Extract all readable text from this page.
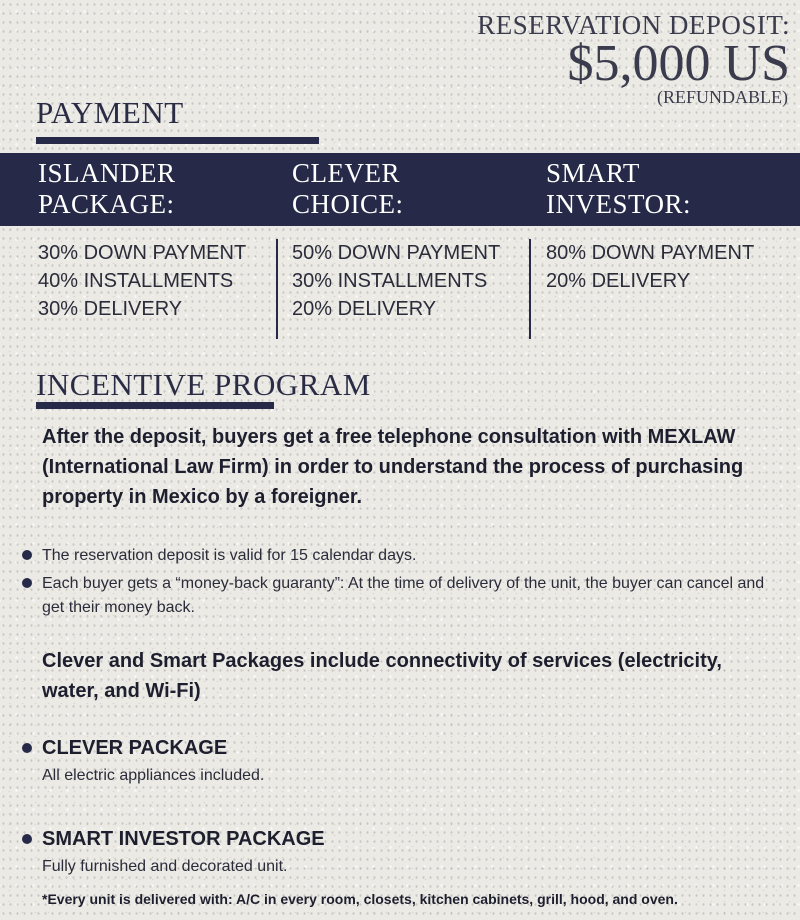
RESERVATION DEPOSIT:
$5,000 US
(REFUNDABLE)
PAYMENT
ISLANDER
PACKAGE:
CLEVER
CHOICE:
SMART
INVESTOR:
30% DOWN PAYMENT
40% INSTALLMENTS
30% DELIVERY
50% DOWN PAYMENT
30% INSTALLMENTS
20% DELIVERY
80% DOWN PAYMENT
20% DELIVERY
INCENTIVE PROGRAM
After the deposit, buyers get a free telephone consultation with MEXLAW (International Law Firm) in order to understand the process of purchasing property in Mexico by a foreigner.
The reservation deposit is valid for 15 calendar days.
Each buyer gets a “money-back guaranty”: At the time of delivery of the unit, the buyer can cancel and get their money back.
Clever and Smart Packages include connectivity of services (electricity, water, and Wi-Fi)
CLEVER PACKAGE
All electric appliances included.
SMART INVESTOR PACKAGE
Fully furnished and decorated unit.
*Every unit is delivered with: A/C in every room, closets, kitchen cabinets, grill, hood, and oven.
